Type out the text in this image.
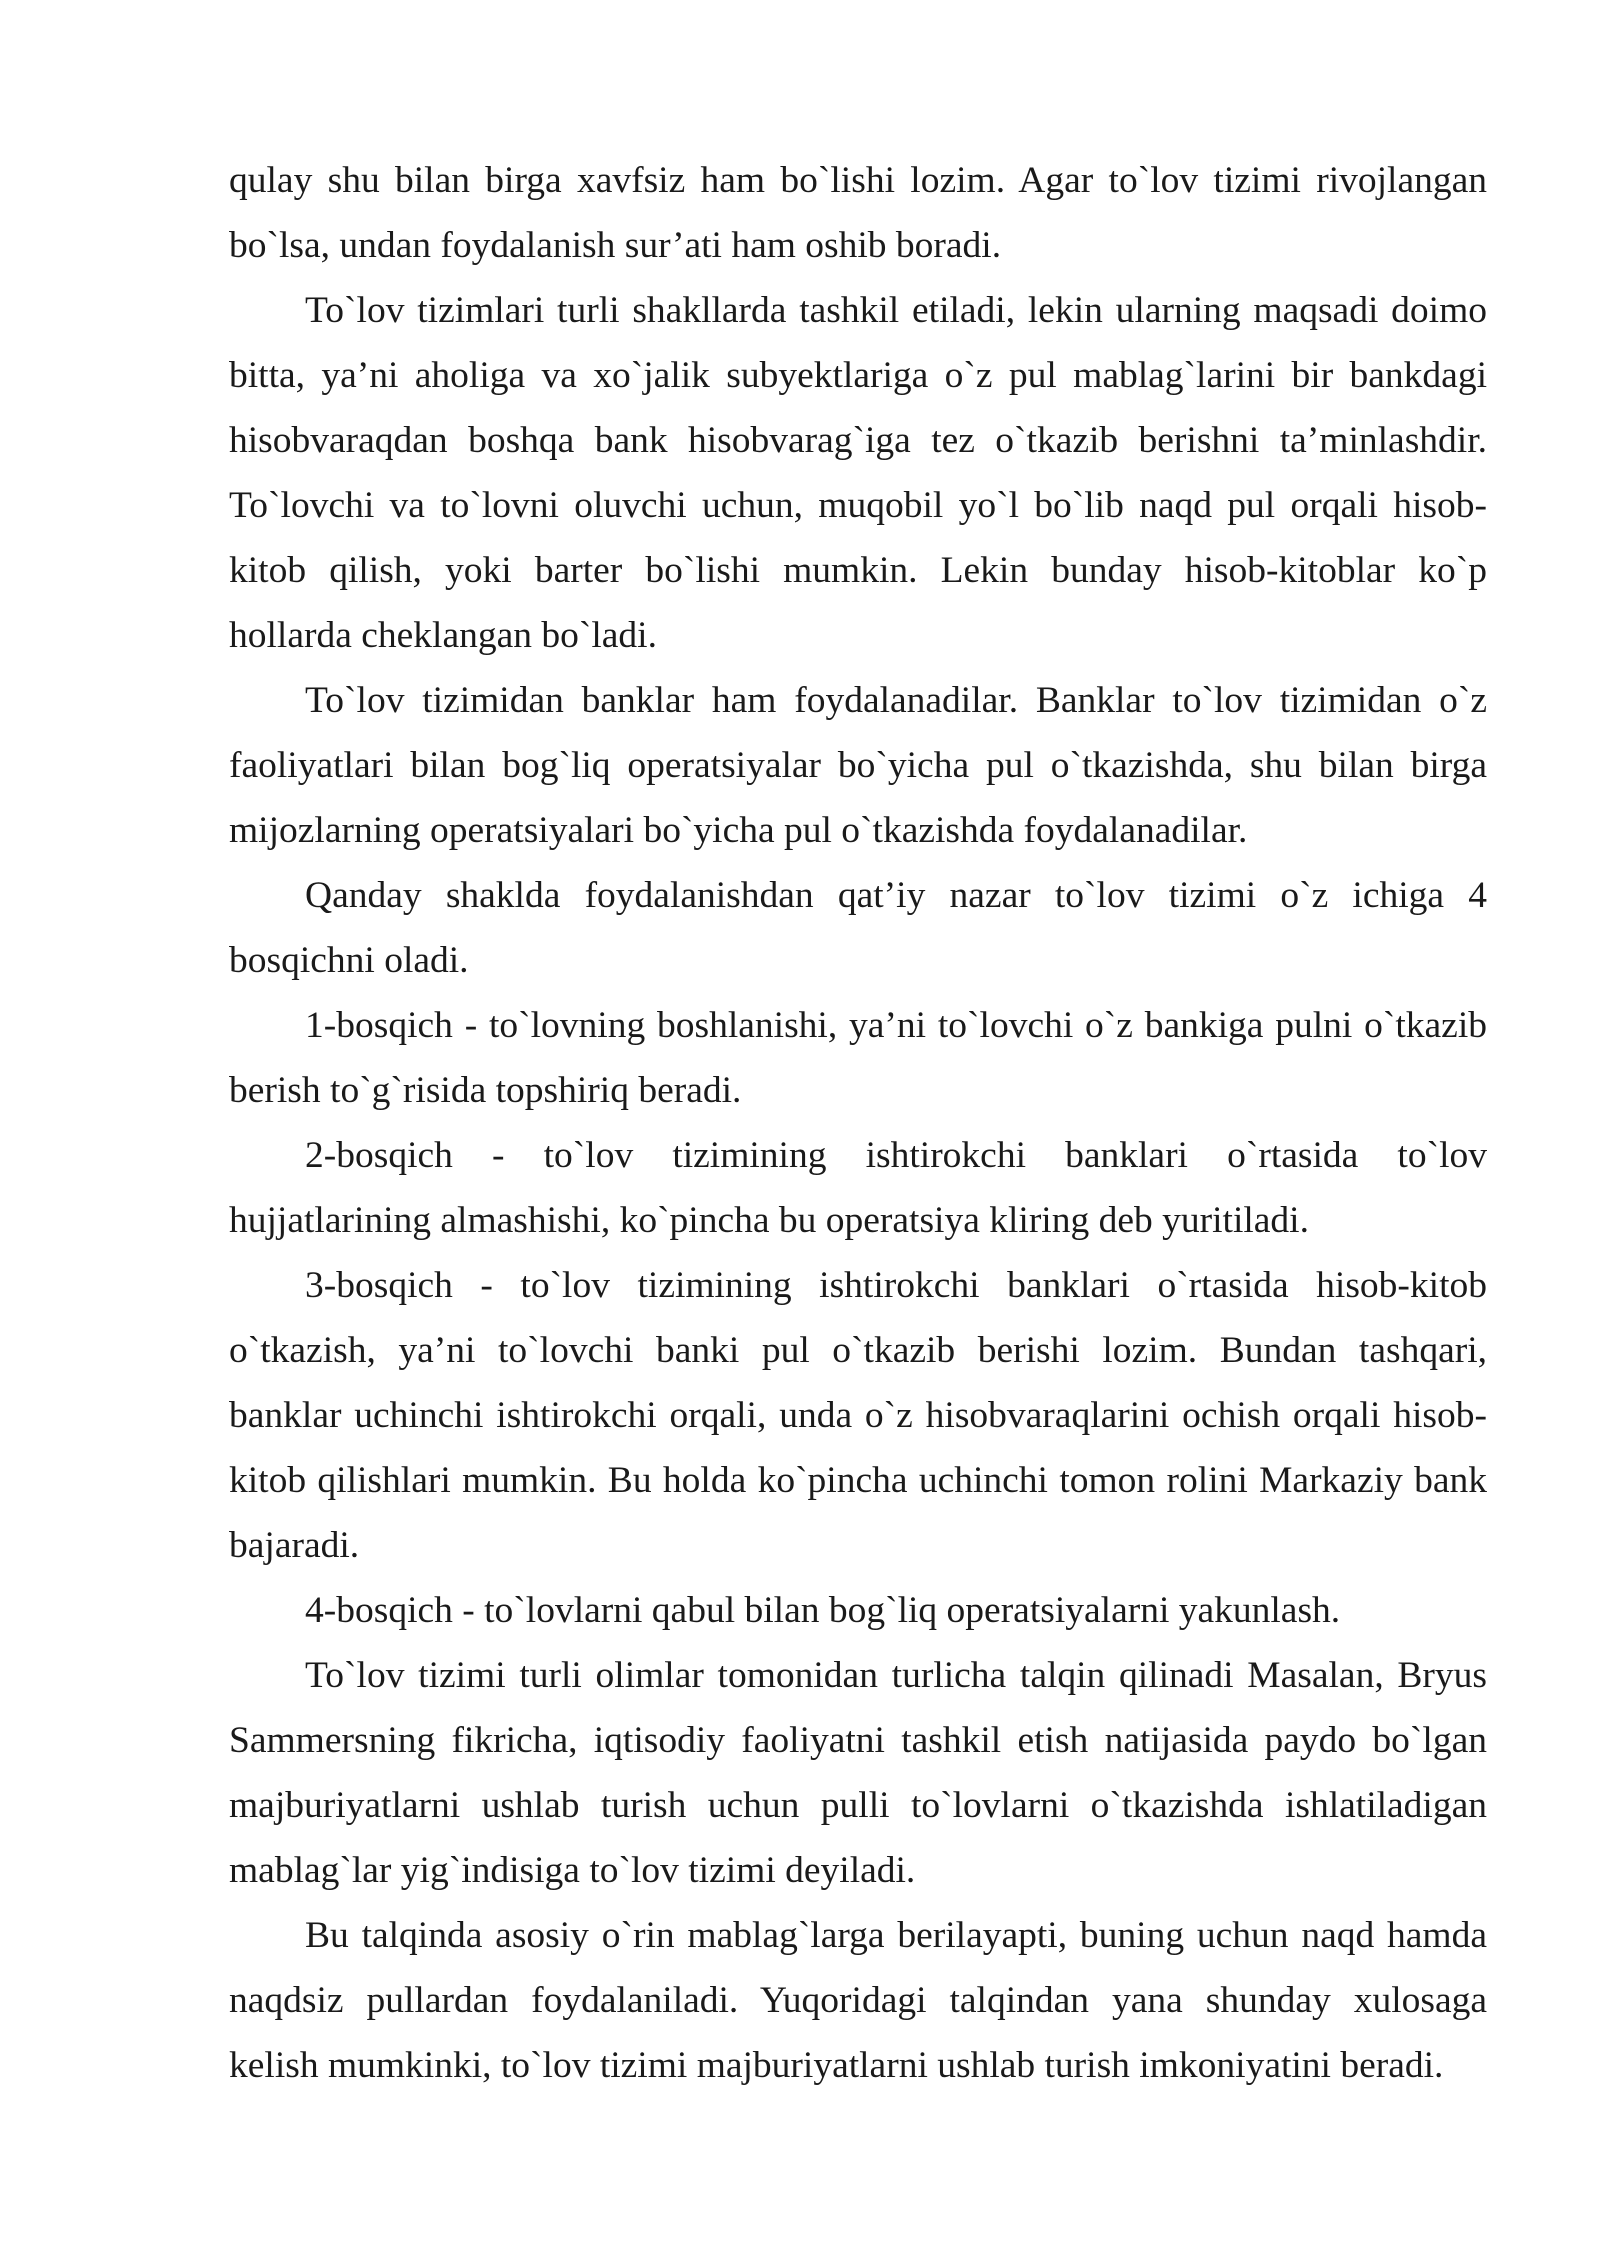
qulay shu bilan birga xavfsiz ham bo`lishi lozim. Agar to`lov tizimi rivojlangan bo`lsa, undan foydalanish sur’ati ham oshib boradi.

To`lov tizimlari turli shakllarda tashkil etiladi, lekin ularning maqsadi doimo bitta, ya’ni aholiga va xo`jalik subyektlariga o`z pul mablag`larini bir bankdagi hisobvaraqdan boshqa bank hisobvarag`iga tez o`tkazib berishni ta’minlashdir. To`lovchi va to`lovni oluvchi uchun, muqobil yo`l bo`lib naqd pul orqali hisob-kitob qilish, yoki barter bo`lishi mumkin. Lekin bunday hisob-kitoblar ko`p hollarda cheklangan bo`ladi.

To`lov tizimidan banklar ham foydalanadilar. Banklar to`lov tizimidan o`z faoliyatlari bilan bog`liq operatsiyalar bo`yicha pul o`tkazishda, shu bilan birga mijozlarning operatsiyalari bo`yicha pul o`tkazishda foydalanadilar.

Qanday shaklda foydalanishdan qat’iy nazar to`lov tizimi o`z ichiga 4 bosqichni oladi.

1-bosqich - to`lovning boshlanishi, ya’ni to`lovchi o`z bankiga pulni o`tkazib berish to`g`risida topshiriq beradi.

2-bosqich - to`lov tizimining ishtirokchi banklari o`rtasida to`lov hujjatlarining almashishi, ko`pincha bu operatsiya kliring deb yuritiladi.

3-bosqich - to`lov tizimining ishtirokchi banklari o`rtasida hisob-kitob o`tkazish, ya’ni to`lovchi banki pul o`tkazib berishi lozim. Bundan tashqari, banklar uchinchi ishtirokchi orqali, unda o`z hisobvaraqlarini ochish orqali hisob-kitob qilishlari mumkin. Bu holda ko`pincha uchinchi tomon rolini Markaziy bank bajaradi.

4-bosqich - to`lovlarni qabul bilan bog`liq operatsiyalarni yakunlash.

To`lov tizimi turli olimlar tomonidan turlicha talqin qilinadi Masalan, Bryus Sammersning fikricha, iqtisodiy faoliyatni tashkil etish natijasida paydo bo`lgan majburiyatlarni ushlab turish uchun pulli to`lovlarni o`tkazishda ishlatiladigan mablag`lar yig`indisiga to`lov tizimi deyiladi.

Bu talqinda asosiy o`rin mablag`larga berilayapti, buning uchun naqd hamda naqdsiz pullardan foydalaniladi. Yuqoridagi talqindan yana shunday xulosaga kelish mumkinki, to`lov tizimi majburiyatlarni ushlab turish imkoniyatini beradi.
